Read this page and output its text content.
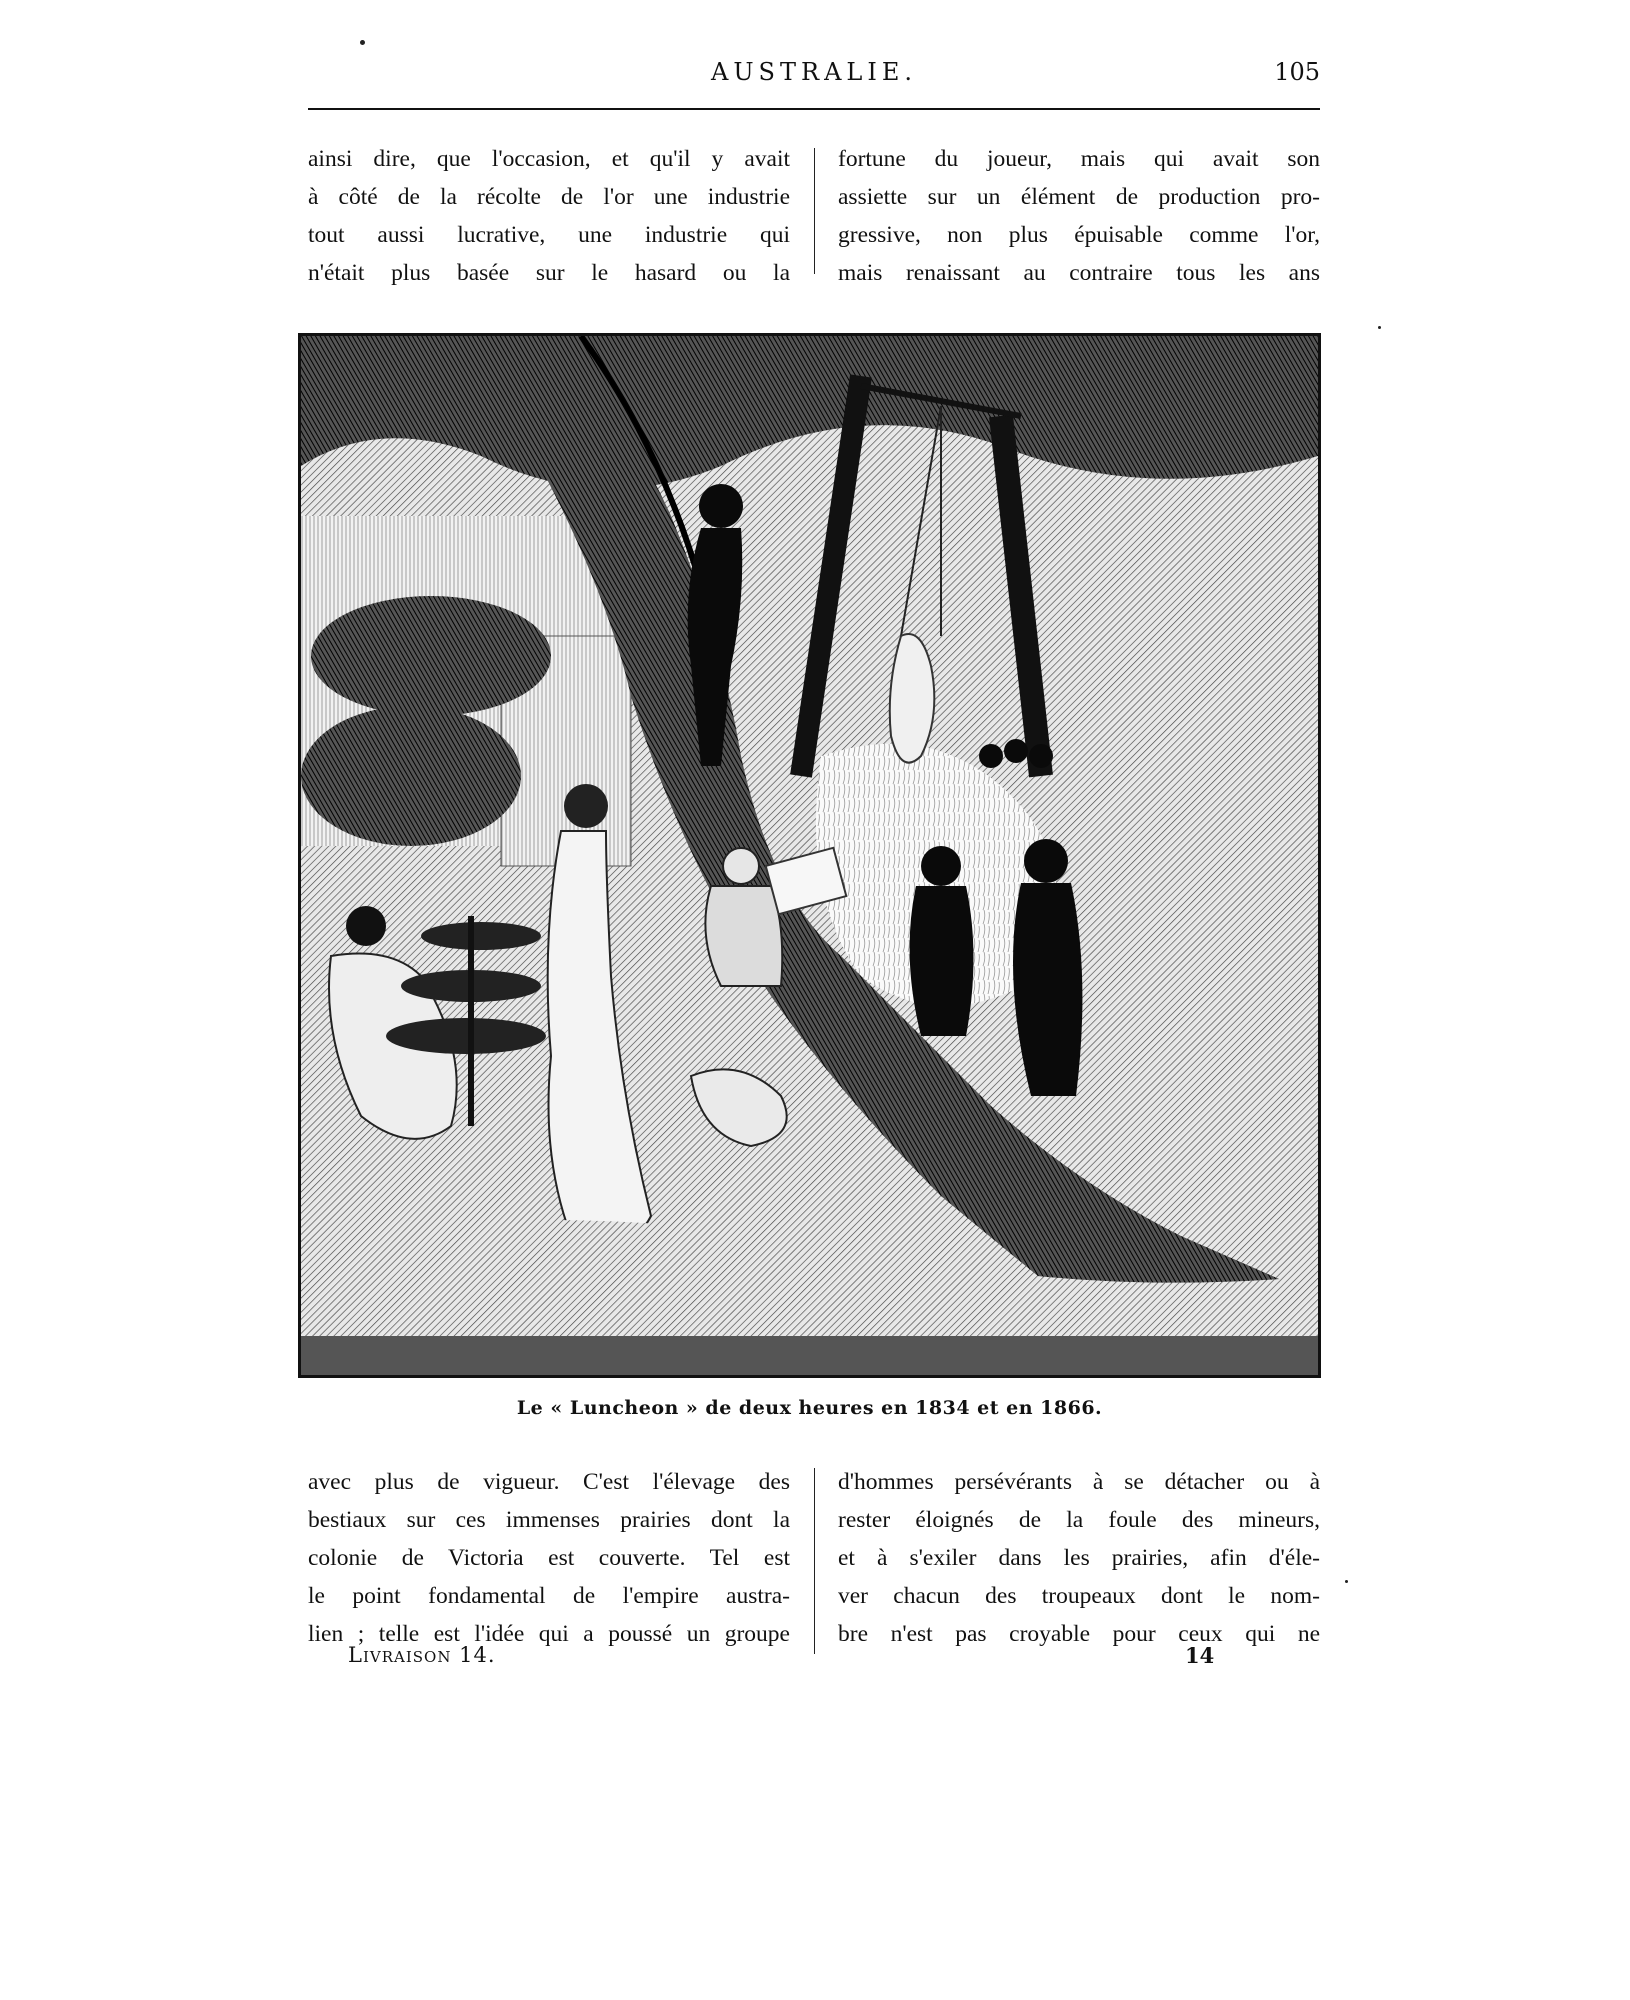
AUSTRALIE.	105
ainsi dire, que l'occasion, et qu'il y avait
à côté de la récolte de l'or une industrie
tout aussi lucrative, une industrie qui
n'était plus basée sur le hasard ou la
fortune du joueur, mais qui avait son
assiette sur un élément de production pro-
gressive, non plus épuisable comme l'or,
mais renaissant au contraire tous les ans
Le « Luncheon » de deux heures en 1834 et en 1866.
avec plus de vigueur. C'est l'élevage des
bestiaux sur ces immenses prairies dont la
colonie de Victoria est couverte. Tel est
le point fondamental de l'empire austra-
lien ; telle est l'idée qui a poussé un groupe
d'hommes persévérants à se détacher ou à
rester éloignés de la foule des mineurs,
et à s'exiler dans les prairies, afin d'éle-
ver chacun des troupeaux dont le nom-
bre n'est pas croyable pour ceux qui ne
Livraison 14.	14
